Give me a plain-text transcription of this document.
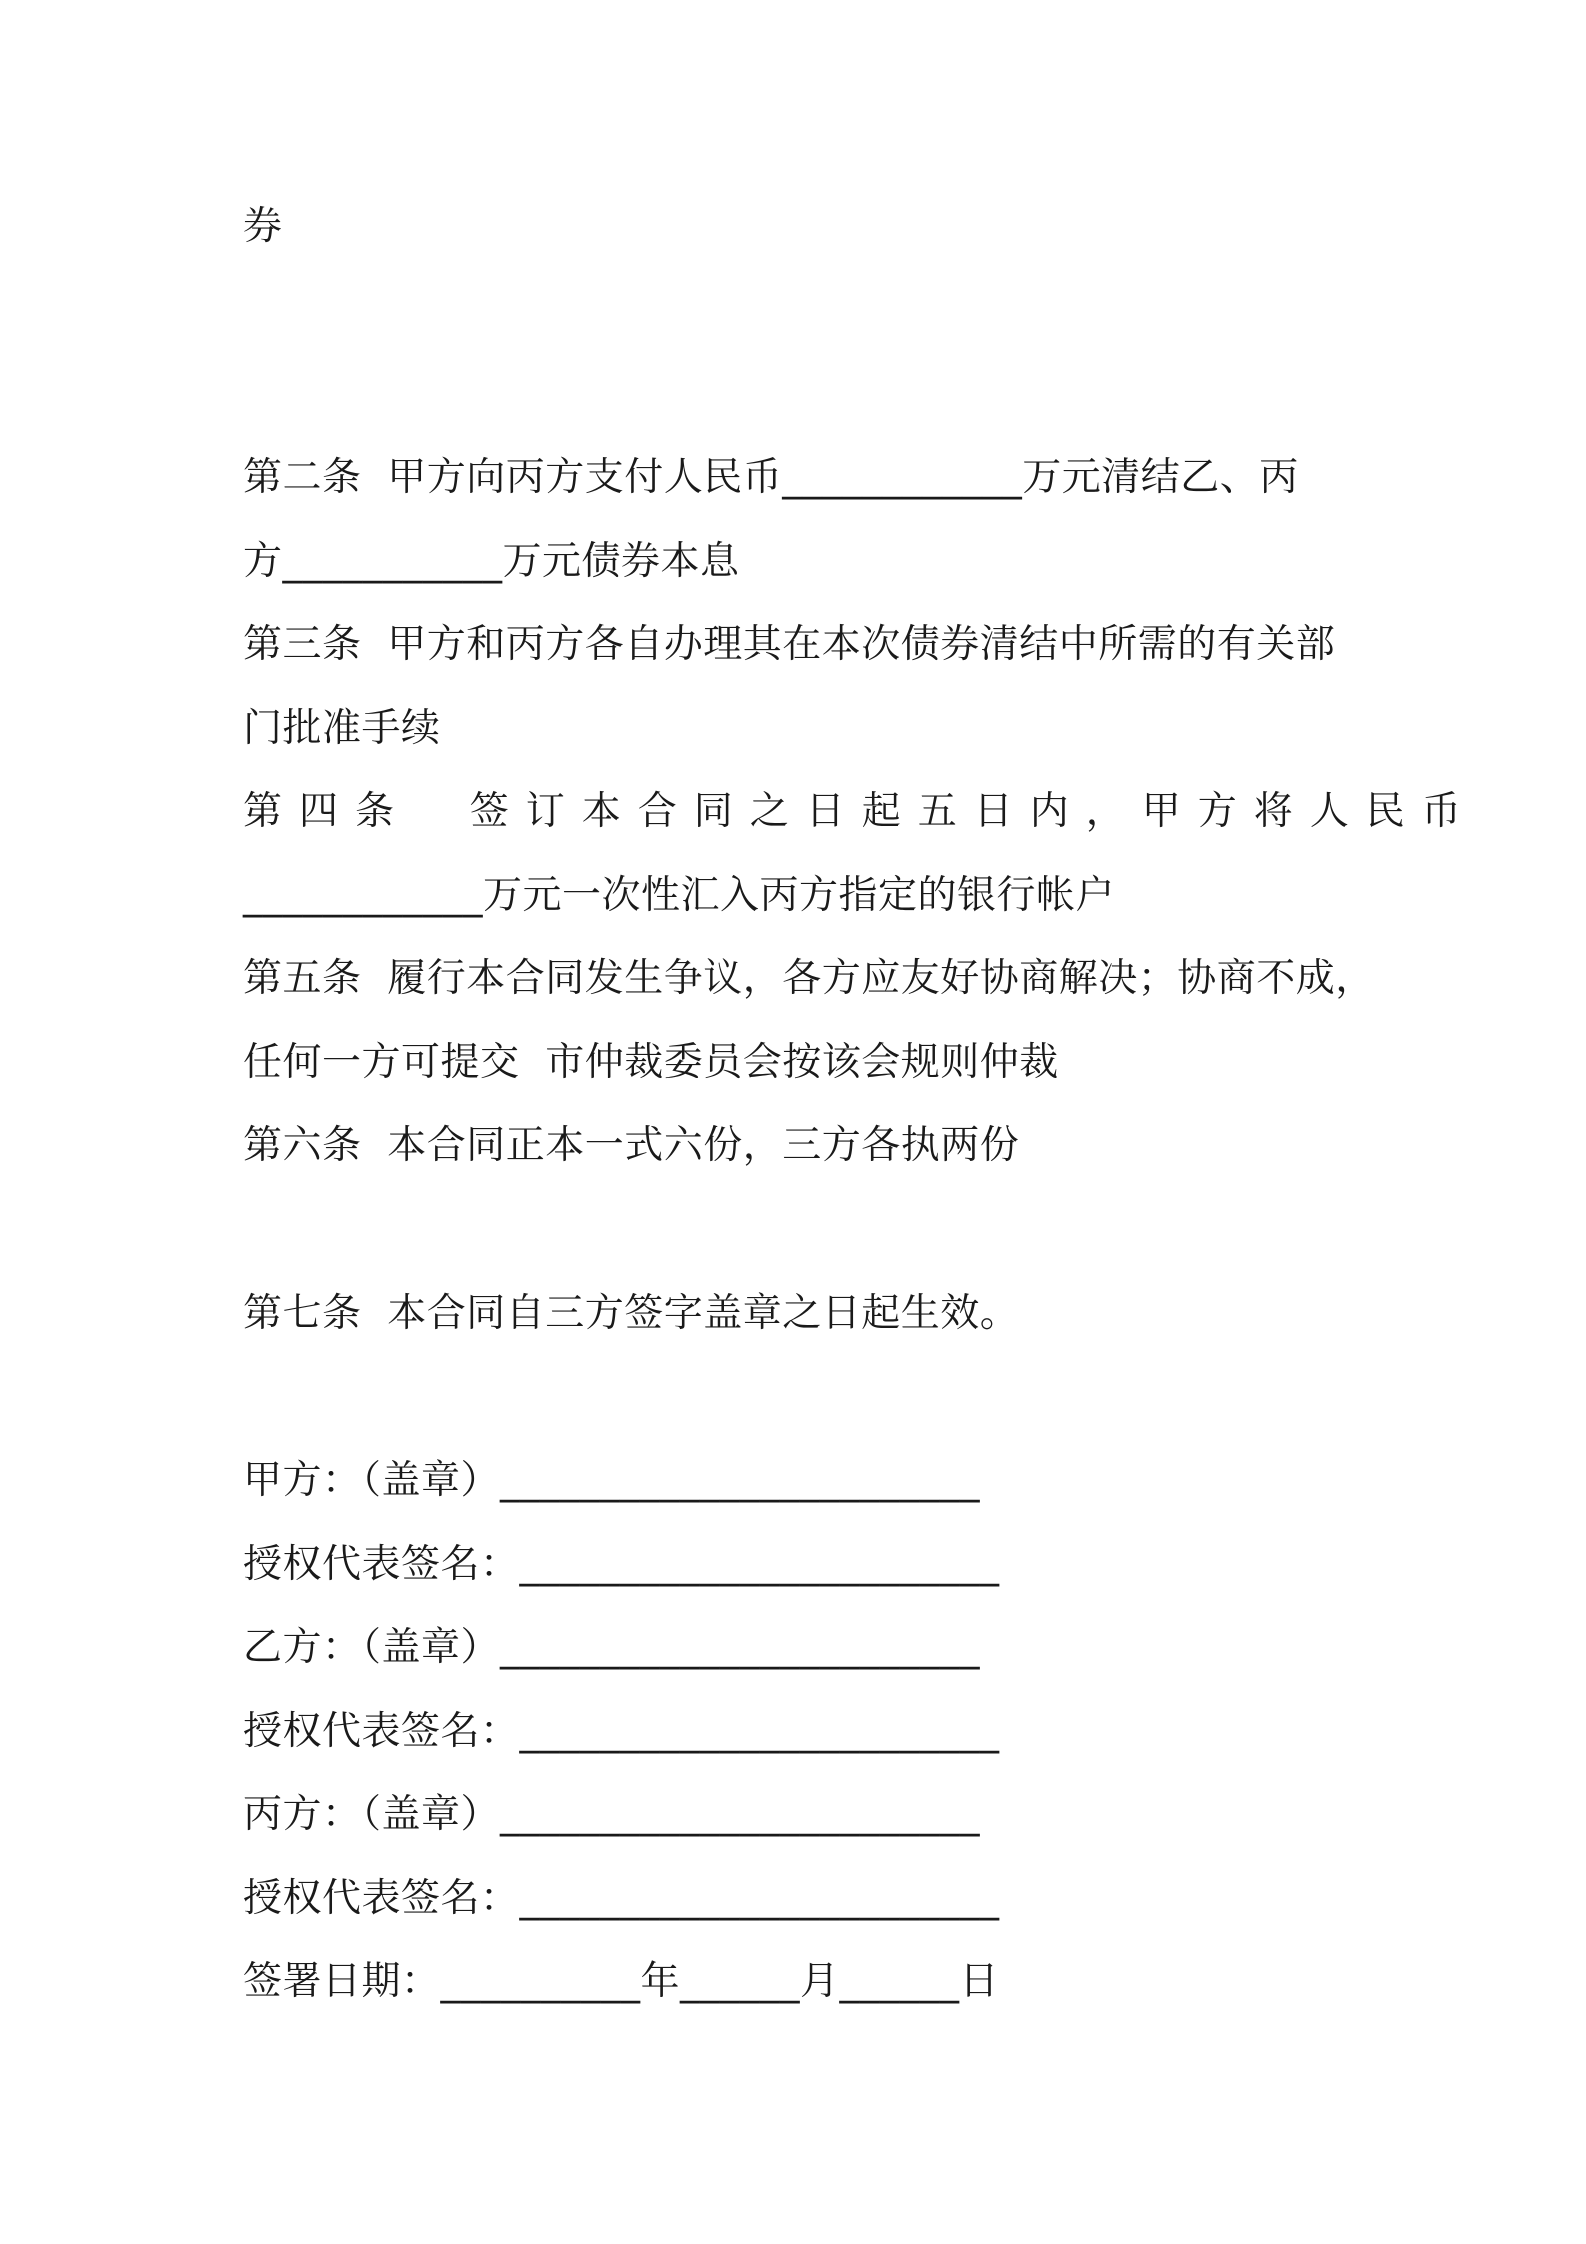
券

第二条  甲方向丙方支付人民币____________万元清结乙、丙

方___________万元债券本息

第三条  甲方和丙方各自办理其在本次债券清结中所需的有关部

门批准手续

第四条  签订本合同之日起五日内，甲方将人民币

____________万元一次性汇入丙方指定的银行帐户

第五条  履行本合同发生争议，各方应友好协商解决；协商不成，

任何一方可提交  市仲裁委员会按该会规则仲裁

第六条  本合同正本一式六份，三方各执两份

第七条  本合同自三方签字盖章之日起生效。

甲方：（盖章）________________________

授权代表签名：________________________

乙方：（盖章）________________________

授权代表签名：________________________

丙方：（盖章）________________________

授权代表签名：________________________

签署日期：__________年______月______日
